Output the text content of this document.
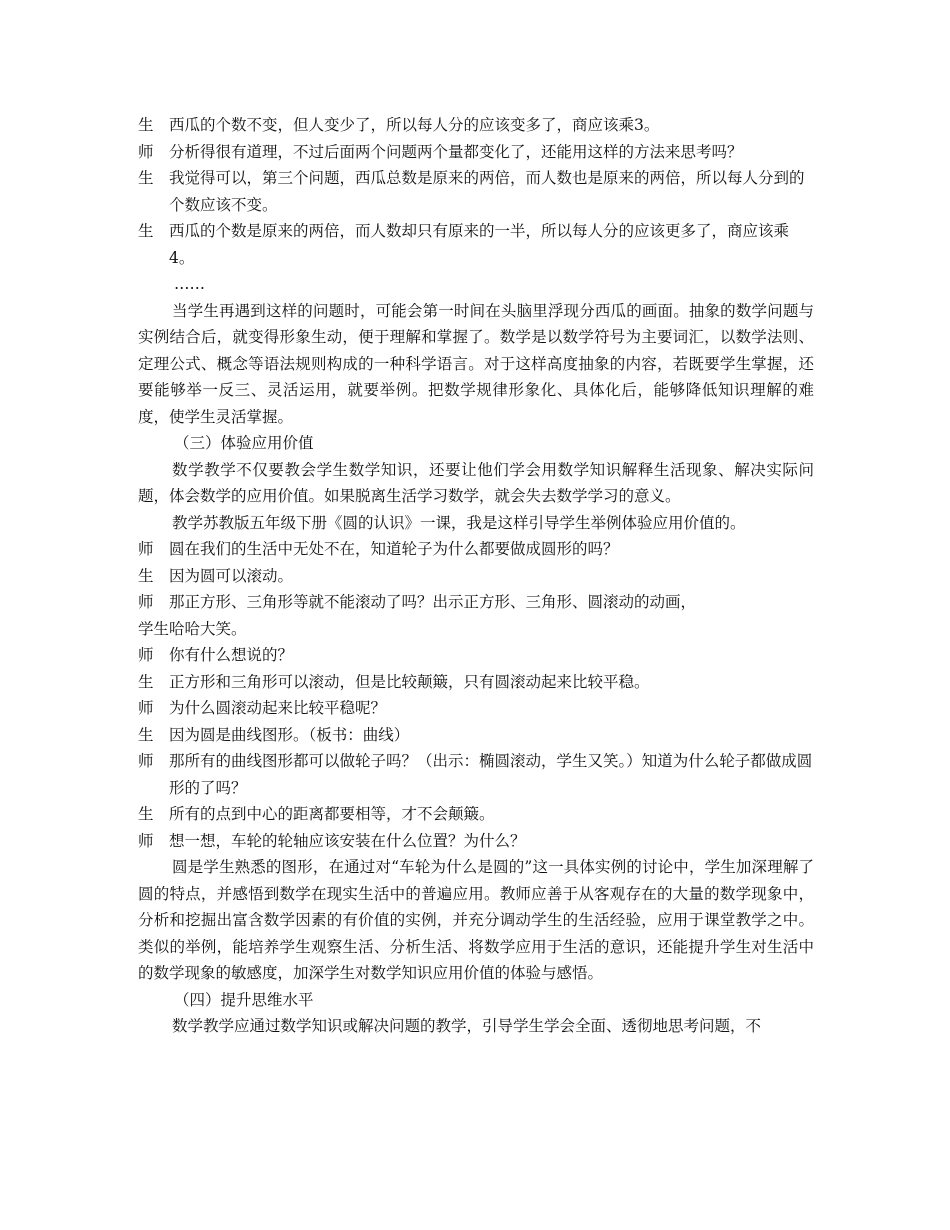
生 西瓜的个数不变，但人变少了，所以每人分的应该变多了，商应该乘3。

师 分析得很有道理，不过后面两个问题两个量都变化了，还能用这样的方法来思考吗？

生 我觉得可以，第三个问题，西瓜总数是原来的两倍，而人数也是原来的两倍，所以每人分到的个数应该不变。

生 西瓜的个数是原来的两倍，而人数却只有原来的一半，所以每人分的应该更多了，商应该乘4。

……

当学生再遇到这样的问题时，可能会第一时间在头脑里浮现分西瓜的画面。抽象的数学问题与实例结合后，就变得形象生动，便于理解和掌握了。数学是以数学符号为主要词汇，以数学法则、定理公式、概念等语法规则构成的一种科学语言。对于这样高度抽象的内容，若既要学生掌握，还要能够举一反三、灵活运用，就要举例。把数学规律形象化、具体化后，能够降低知识理解的难度，使学生灵活掌握。

（三）体验应用价值

数学教学不仅要教会学生数学知识，还要让他们学会用数学知识解释生活现象、解决实际问题，体会数学的应用价值。如果脱离生活学习数学，就会失去数学学习的意义。

教学苏教版五年级下册《圆的认识》一课，我是这样引导学生举例体验应用价值的。

师 圆在我们的生活中无处不在，知道轮子为什么都要做成圆形的吗？

生 因为圆可以滚动。

师 那正方形、三角形等就不能滚动了吗？出示正方形、三角形、圆滚动的动画，

学生哈哈大笑。

师 你有什么想说的？

生 正方形和三角形可以滚动，但是比较颠簸，只有圆滚动起来比较平稳。

师 为什么圆滚动起来比较平稳呢？

生 因为圆是曲线图形。（板书：曲线）

师 那所有的曲线图形都可以做轮子吗？（出示：椭圆滚动，学生又笑。）知道为什么轮子都做成圆形的了吗？

生 所有的点到中心的距离都要相等，才不会颠簸。

师 想一想，车轮的轮轴应该安装在什么位置？为什么？

圆是学生熟悉的图形，在通过对“车轮为什么是圆的”这一具体实例的讨论中，学生加深理解了圆的特点，并感悟到数学在现实生活中的普遍应用。教师应善于从客观存在的大量的数学现象中，分析和挖掘出富含数学因素的有价值的实例，并充分调动学生的生活经验，应用于课堂教学之中。类似的举例，能培养学生观察生活、分析生活、将数学应用于生活的意识，还能提升学生对生活中的数学现象的敏感度，加深学生对数学知识应用价值的体验与感悟。

（四）提升思维水平

数学教学应通过数学知识或解决问题的教学，引导学生学会全面、透彻地思考问题，不
